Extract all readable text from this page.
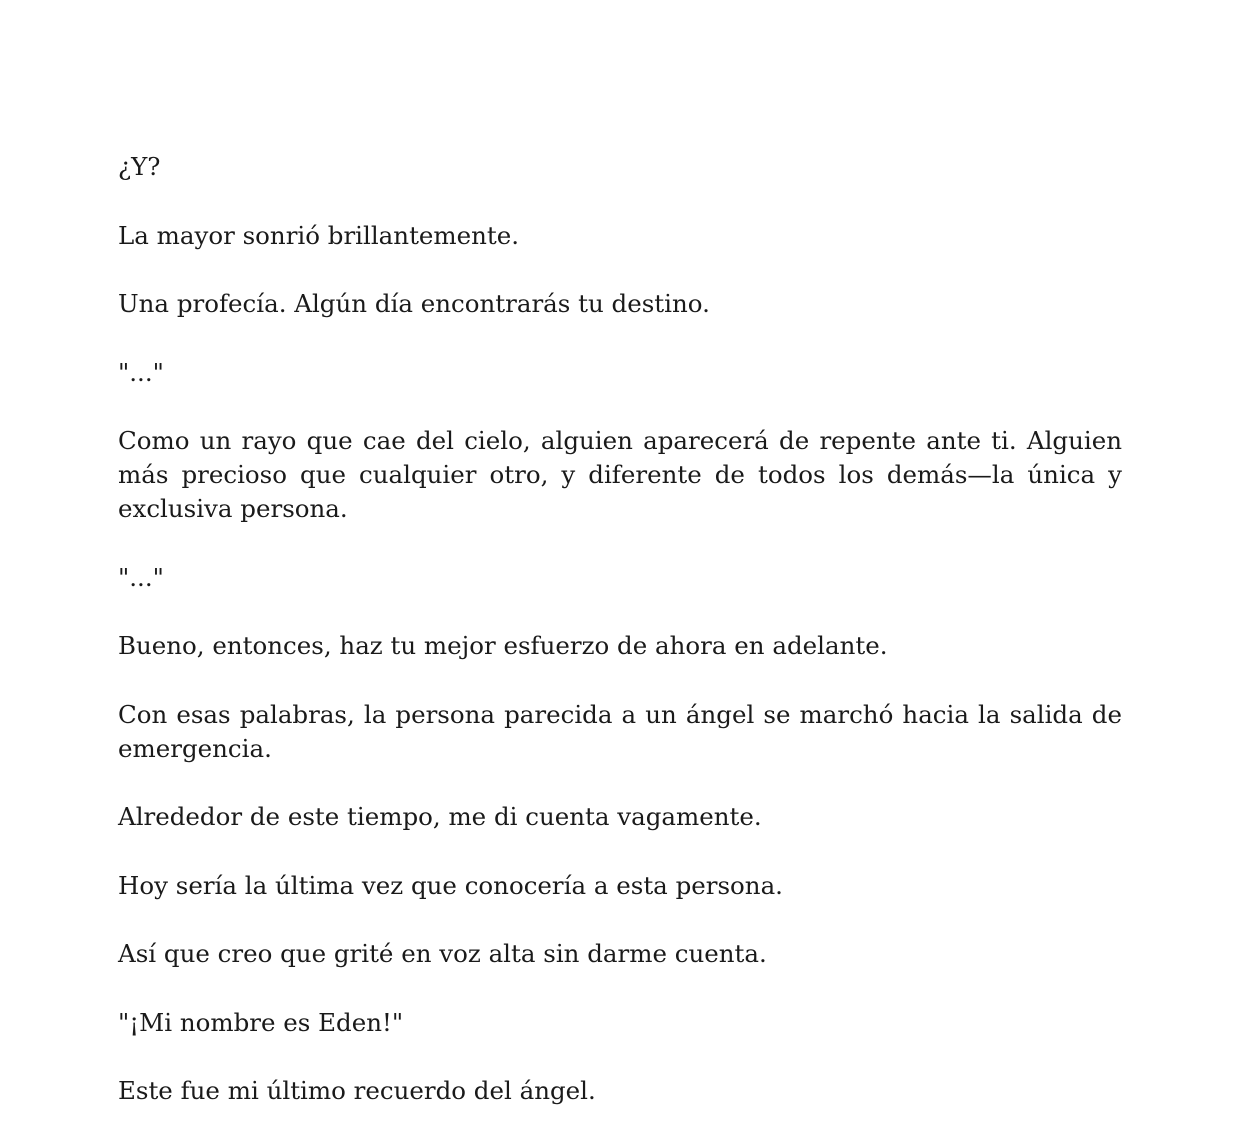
¿Y?

La mayor sonrió brillantemente.

Una profecía. Algún día encontrarás tu destino.

"..."

Como un rayo que cae del cielo, alguien aparecerá de repente ante ti. Alguien más precioso que cualquier otro, y diferente de todos los demás—la única y exclusiva persona.

"..."

Bueno, entonces, haz tu mejor esfuerzo de ahora en adelante.

Con esas palabras, la persona parecida a un ángel se marchó hacia la salida de emergencia.

Alrededor de este tiempo, me di cuenta vagamente.

Hoy sería la última vez que conocería a esta persona.

Así que creo que grité en voz alta sin darme cuenta.

"¡Mi nombre es Eden!"

Este fue mi último recuerdo del ángel.
